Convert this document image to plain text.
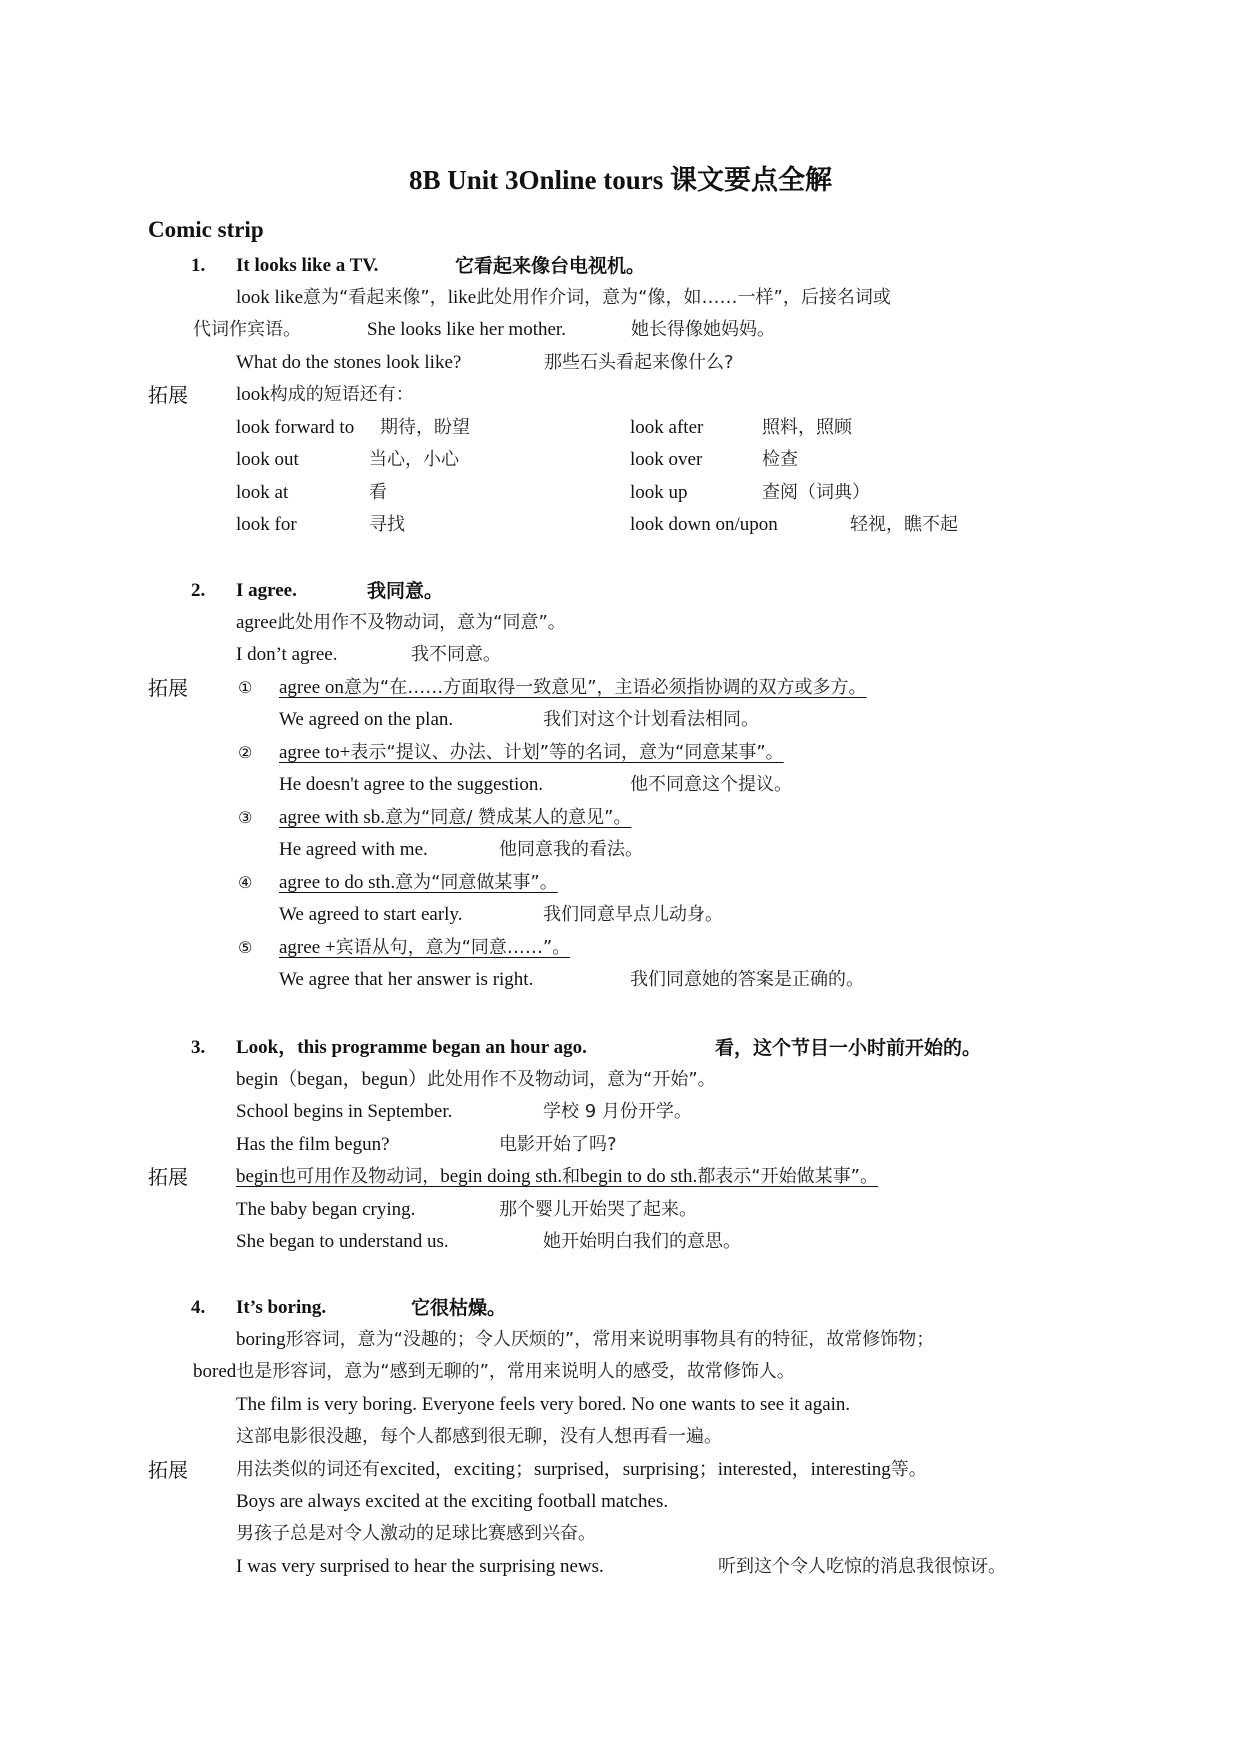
8B Unit 3Online tours 课文要点全解
Comic strip
1. It looks like a TV.	它看起来像台电视机。
look like意为“看起来像”，like此处用作介词，意为“像，如……一样”，后接名词或
代词作宾语。	She looks like her mother.	她长得像她妈妈。
What do the stones look like?	那些石头看起来像什么?
拓展	look构成的短语还有：
look forward to 期待，盼望	look after	照料，照顾
look out	当心，小心	look over	检查
look at	看	look up	查阅（词典）
look for	寻找	look down on/upon	轻视，瞧不起
2. I agree.	我同意。
agree此处用作不及物动词，意为“同意”。
I don’t agree.	我不同意。
拓展	① agree on意为“在……方面取得一致意见”，主语必须指协调的双方或多方。
We agreed on the plan.	我们对这个计划看法相同。
② agree to+表示“提议、办法、计划”等的名词，意为“同意某事”。
He doesn't agree to the suggestion.	他不同意这个提议。
③ agree with sb.意为“同意/ 赞成某人的意见”。
He agreed with me.	他同意我的看法。
④ agree to do sth.意为“同意做某事”。
We agreed to start early.	我们同意早点儿动身。
⑤ agree +宾语从句，意为“同意……”。
We agree that her answer is right.	我们同意她的答案是正确的。
3. Look，this programme began an hour ago.	看，这个节目一小时前开始的。
begin（began，begun）此处用作不及物动词，意为“开始”。
School begins in September.	学校 9 月份开学。
Has the film begun?	电影开始了吗?
拓展	begin也可用作及物动词，begin doing sth.和begin to do sth.都表示“开始做某事”。
The baby began crying.	那个婴儿开始哭了起来。
She began to understand us.	她开始明白我们的意思。
4. It’s boring.	它很枯燥。
boring形容词，意为“没趣的；令人厌烦的”，常用来说明事物具有的特征，故常修饰物；
bored也是形容词，意为“感到无聊的”，常用来说明人的感受，故常修饰人。
The film is very boring. Everyone feels very bored. No one wants to see it again.
这部电影很没趣，每个人都感到很无聊，没有人想再看一遍。
拓展	用法类似的词还有excited，exciting；surprised，surprising；interested，interesting等。
Boys are always excited at the exciting football matches.
男孩子总是对令人激动的足球比赛感到兴奋。
I was very surprised to hear the surprising news.	听到这个令人吃惊的消息我很惊讶。
